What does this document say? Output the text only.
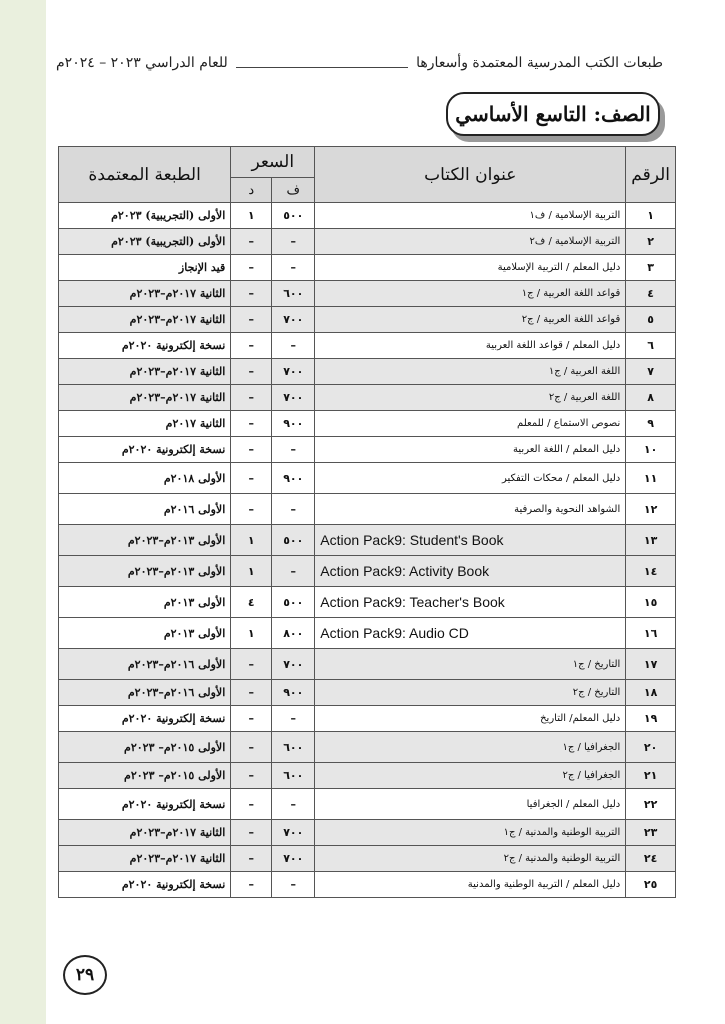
طبعات الكتب المدرسية المعتمدة وأسعارها
للعام الدراسي ٢٠٢٣ – ٢٠٢٤م
الصف: التاسع الأساسي
الرقم	عنوان الكتاب	السعر		الطبعة المعتمدة
		ف	د	
١	التربية الإسلامية / ف١	٥٠٠	١	الأولى (التجريبية) ٢٠٢٣م
٢	التربية الإسلامية / ف٢	–	–	الأولى (التجريبية) ٢٠٢٣م
٣	دليل المعلم / التربية الإسلامية	–	–	قيد الإنجاز
٤	قواعد اللغة العربية / ج١	٦٠٠	–	الثانية ٢٠١٧م–٢٠٢٣م
٥	قواعد اللغة العربية / ج٢	٧٠٠	–	الثانية ٢٠١٧م–٢٠٢٣م
٦	دليل المعلم / قواعد اللغة العربية	–	–	نسخة إلكترونية ٢٠٢٠م
٧	اللغة العربية / ج١	٧٠٠	–	الثانية ٢٠١٧م–٢٠٢٣م
٨	اللغة العربية / ج٢	٧٠٠	–	الثانية ٢٠١٧م–٢٠٢٣م
٩	نصوص الاستماع / للمعلم	٩٠٠	–	الثانية ٢٠١٧م
١٠	دليل المعلم / اللغة العربية	–	–	نسخة إلكترونية ٢٠٢٠م
١١	دليل المعلم / محكات التفكير	٩٠٠	–	الأولى ٢٠١٨م
١٢	الشواهد النحوية والصرفية	–	–	الأولى ٢٠١٦م
١٣	Action Pack9: Student's Book	٥٠٠	١	الأولى ٢٠١٣م–٢٠٢٣م
١٤	Action Pack9: Activity Book	–	١	الأولى ٢٠١٣م–٢٠٢٣م
١٥	Action Pack9: Teacher's Book	٥٠٠	٤	الأولى ٢٠١٣م
١٦	Action Pack9: Audio CD	٨٠٠	١	الأولى ٢٠١٣م
١٧	التاريخ / ج١	٧٠٠	–	الأولى ٢٠١٦م–٢٠٢٣م
١٨	التاريخ / ج٢	٩٠٠	–	الأولى ٢٠١٦م–٢٠٢٣م
١٩	دليل المعلم/ التاريخ	–	–	نسخة إلكترونية ٢٠٢٠م
٢٠	الجغرافيا / ج١	٦٠٠	–	الأولى ٢٠١٥م– ٢٠٢٣م
٢١	الجغرافيا / ج٢	٦٠٠	–	الأولى ٢٠١٥م– ٢٠٢٣م
٢٢	دليل المعلم / الجغرافيا	–	–	نسخة إلكترونية ٢٠٢٠م
٢٣	التربية الوطنية والمدنية / ج١	٧٠٠	–	الثانية ٢٠١٧م–٢٠٢٣م
٢٤	التربية الوطنية والمدنية / ج٢	٧٠٠	–	الثانية ٢٠١٧م–٢٠٢٣م
٢٥	دليل المعلم / التربية الوطنية والمدنية	–	–	نسخة إلكترونية ٢٠٢٠م
٢٩
